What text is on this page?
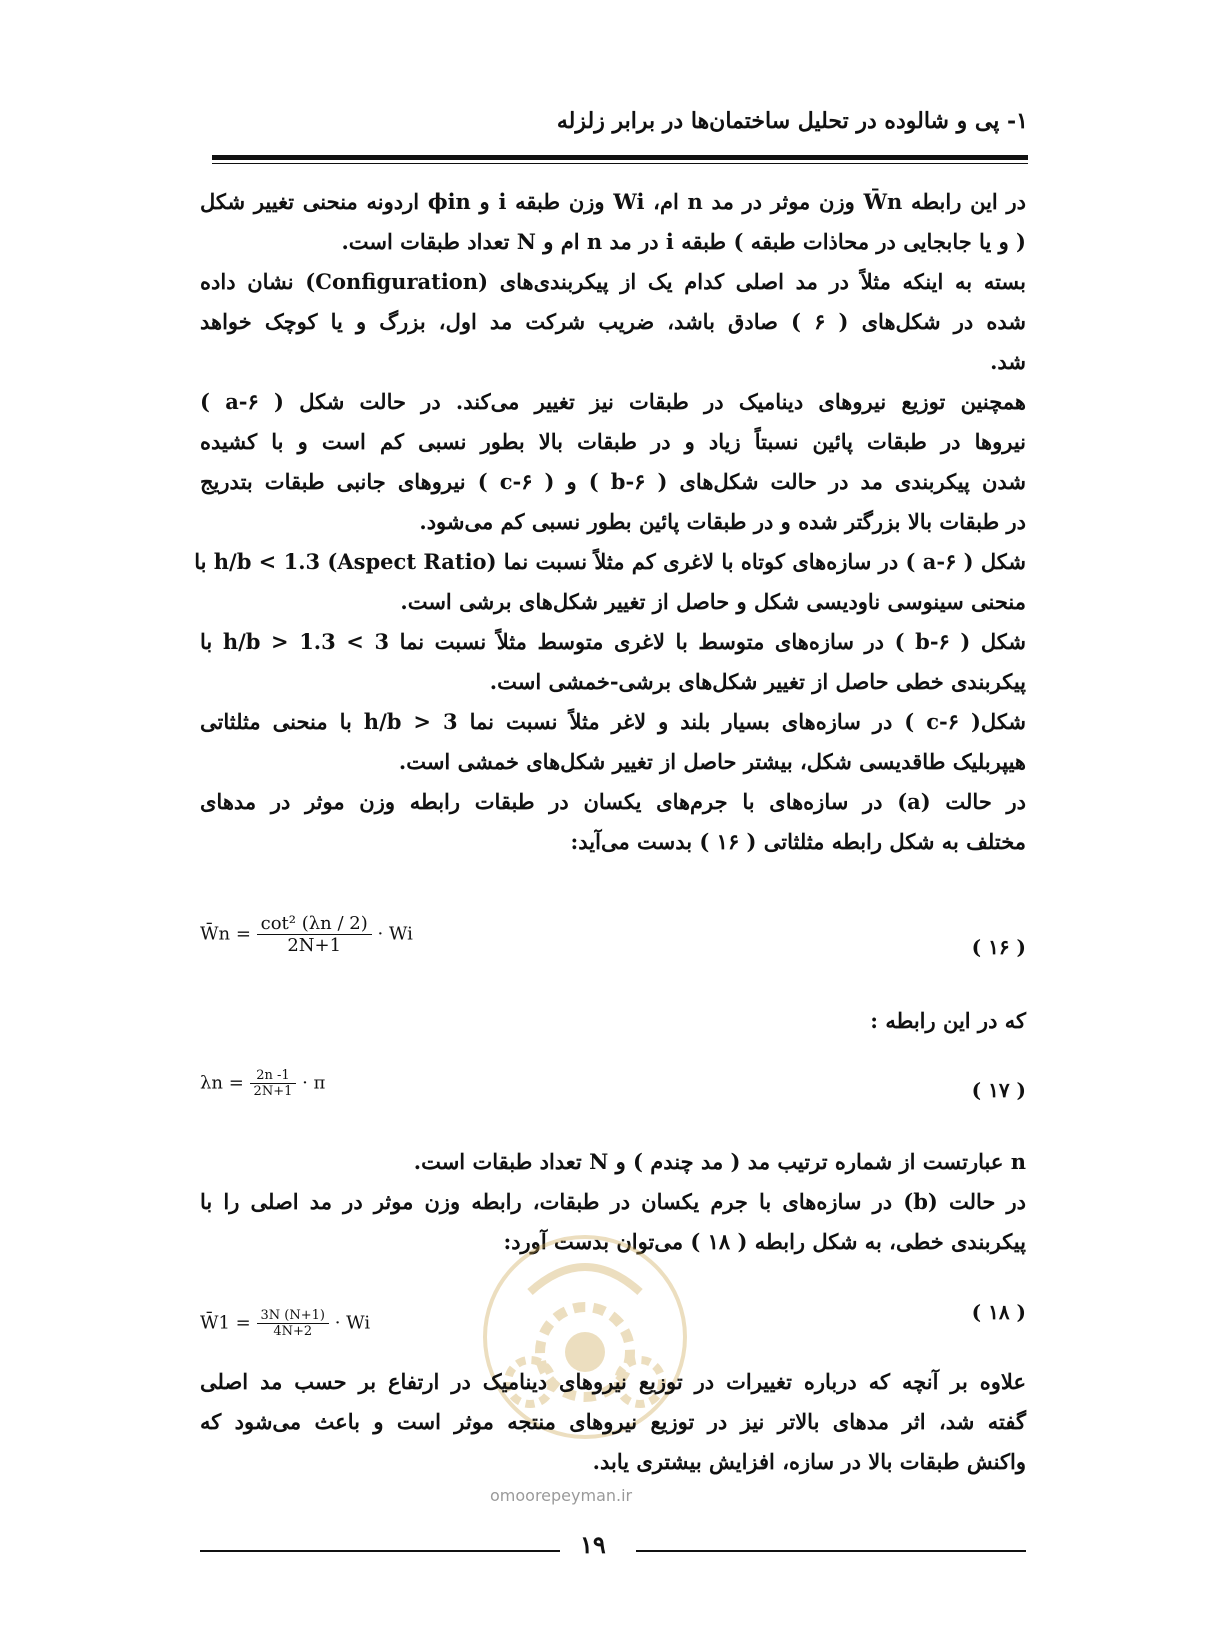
۱- پی و شالوده در تحلیل ساختمان‌ها در برابر زلزله
در این رابطه W̄n وزن موثر در مد n ام، Wi وزن طبقه i و ϕin اردونه منحنی تغییر شکل
( و یا جابجایی در محاذات طبقه ) طبقه i در مد n ام و N تعداد طبقات است.
بسته به اینکه مثلاً در مد اصلی کدام یک از پیکربندی‌های (Configuration) نشان داده
شده در شکل‌های ( ۶ ) صادق باشد، ضریب شرکت مد اول، بزرگ و یا کوچک خواهد
شد.
همچنین توزیع نیروهای دینامیک در طبقات نیز تغییر می‌کند. در حالت شکل ( ۶-a )
نیروها در طبقات پائین نسبتاً زیاد و در طبقات بالا بطور نسبی کم است و با کشیده
شدن پیکربندی مد در حالت شکل‌های ( ۶-b ) و ( ۶-c ) نیروهای جانبی طبقات بتدریج
در طبقات بالا بزرگتر شده و در طبقات پائین بطور نسبی کم می‌شود.
شکل ( ۶-a ) در سازه‌های کوتاه با لاغری کم مثلاً نسبت نما (Aspect Ratio) h/b < 1.3 با
منحنی سینوسی ناودیسی شکل و حاصل از تغییر شکل‌های برشی است.
شکل ( ۶-b ) در سازه‌های متوسط با لاغری متوسط مثلاً نسبت نما 3 > h/b > 1.3 با
پیکربندی خطی حاصل از تغییر شکل‌های برشی-خمشی است.
شکل( ۶-c ) در سازه‌های بسیار بلند و لاغر مثلاً نسبت نما 3 < h/b با منحنی مثلثاتی
هیپربلیک طاقدیسی شکل، بیشتر حاصل از تغییر شکل‌های خمشی است.
در حالت (a) در سازه‌های با جرم‌های یکسان در طبقات رابطه وزن موثر در مدهای
مختلف به شکل رابطه مثلثاتی ( ۱۶ ) بدست می‌آید:
W̄n = $\frac{\text{cot² (λn / 2)}}{2N+1} \cdot Wi$
( ۱۶ )
که در این رابطه :
$\lambda n = \frac{2n -1}{2N+1} \cdot \pi$	( ۱۷ )
n عبارتست از شماره ترتیب مد ( مد چندم ) و N تعداد طبقات است.
در حالت (b) در سازه‌های با جرم یکسان در طبقات، رابطه وزن موثر در مد اصلی را با
پیکربندی خطی، به شکل رابطه ( ۱۸ ) می‌توان بدست آورد:
W̄1 = $\frac{3N (N+1)}{4N+2} \cdot Wi$	( ۱۸ )
omoorepeyman.ir
علاوه بر آنچه که درباره تغییرات در توزیع نیروهای دینامیک در ارتفاع بر حسب مد اصلی
گفته شد، اثر مدهای بالاتر نیز در توزیع نیروهای منتجه موثر است و باعث می‌شود که
واکنش طبقات بالا در سازه، افزایش بیشتری یابد.
۱۹
